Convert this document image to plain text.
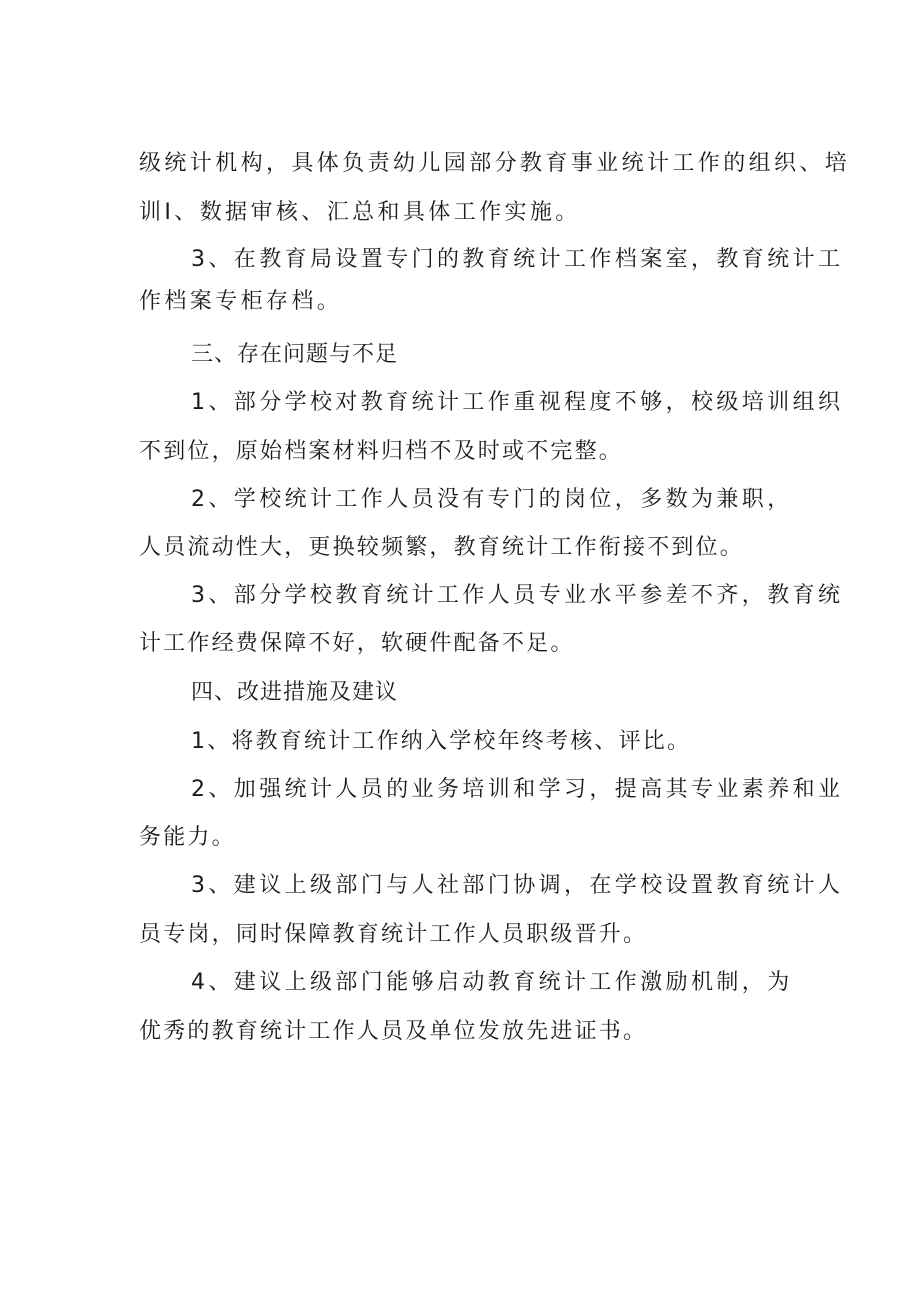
级统计机构，具体负责幼儿园部分教育事业统计工作的组织、培
训I、数据审核、汇总和具体工作实施。
3、在教育局设置专门的教育统计工作档案室，教育统计工
作档案专柜存档。
三、存在问题与不足
1、部分学校对教育统计工作重视程度不够，校级培训组织
不到位，原始档案材料归档不及时或不完整。
2、学校统计工作人员没有专门的岗位，多数为兼职，
人员流动性大，更换较频繁，教育统计工作衔接不到位。
3、部分学校教育统计工作人员专业水平参差不齐，教育统
计工作经费保障不好，软硬件配备不足。
四、改进措施及建议
1、将教育统计工作纳入学校年终考核、评比。
2、加强统计人员的业务培训和学习，提高其专业素养和业
务能力。
3、建议上级部门与人社部门协调，在学校设置教育统计人
员专岗，同时保障教育统计工作人员职级晋升。
4、建议上级部门能够启动教育统计工作激励机制，为
优秀的教育统计工作人员及单位发放先进证书。
